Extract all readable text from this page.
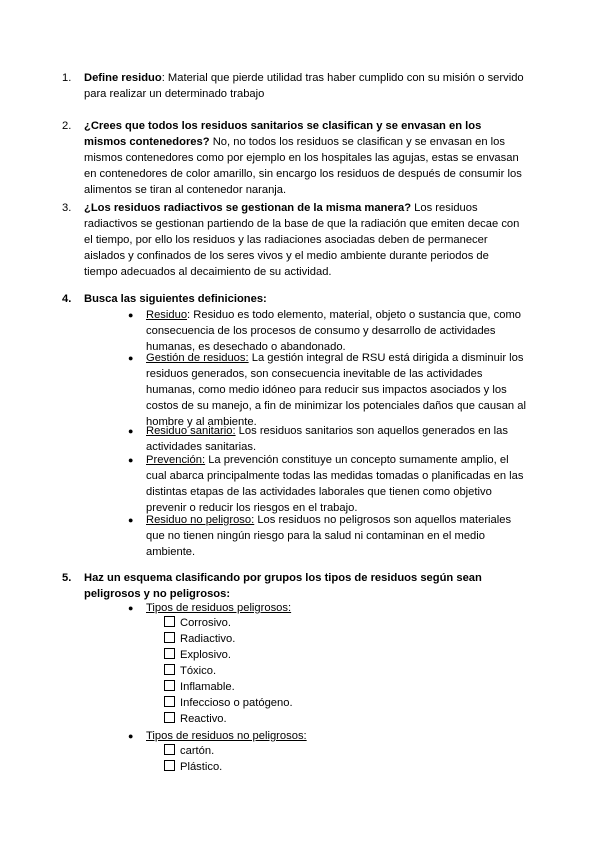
1. Define residuo: Material que pierde utilidad tras haber cumplido con su misión o servido para realizar un determinado trabajo
2. ¿Crees que todos los residuos sanitarios se clasifican y se envasan en los mismos contenedores? No, no todos los residuos se clasifican y se envasan en los mismos contenedores como por ejemplo en los hospitales las agujas, estas se envasan en contenedores de color amarillo, sin encargo los residuos de después de consumir los alimentos se tiran al contenedor naranja.
3. ¿Los residuos radiactivos se gestionan de la misma manera? Los residuos radiactivos se gestionan partiendo de la base de que la radiación que emiten decae con el tiempo, por ello los residuos y las radiaciones asociadas deben de permanecer aislados y confinados de los seres vivos y el medio ambiente durante periodos de tiempo adecuados al decaimiento de su actividad.
4. Busca las siguientes definiciones:
● Residuo: Residuo es todo elemento, material, objeto o sustancia que, como consecuencia de los procesos de consumo y desarrollo de actividades humanas, es desechado o abandonado.
● Gestión de residuos: La gestión integral de RSU está dirigida a disminuir los residuos generados, son consecuencia inevitable de las actividades humanas, como medio idóneo para reducir sus impactos asociados y los costos de su manejo, a fin de minimizar los potenciales daños que causan al hombre y al ambiente.
● Residuo sanitario: Los residuos sanitarios son aquellos generados en las actividades sanitarias.
● Prevención: La prevención constituye un concepto sumamente amplio, el cual abarca principalmente todas las medidas tomadas o planificadas en las distintas etapas de las actividades laborales que tienen como objetivo prevenir o reducir los riesgos en el trabajo.
● Residuo no peligroso: Los residuos no peligrosos son aquellos materiales que no tienen ningún riesgo para la salud ni contaminan en el medio ambiente.
5. Haz un esquema clasificando por grupos los tipos de residuos según sean peligrosos y no peligrosos:
● Tipos de residuos peligrosos:
Corrosivo.
Radiactivo.
Explosivo.
Tóxico.
Inflamable.
Infeccioso o patógeno.
Reactivo.
● Tipos de residuos no peligrosos:
cartón.
Plástico.
